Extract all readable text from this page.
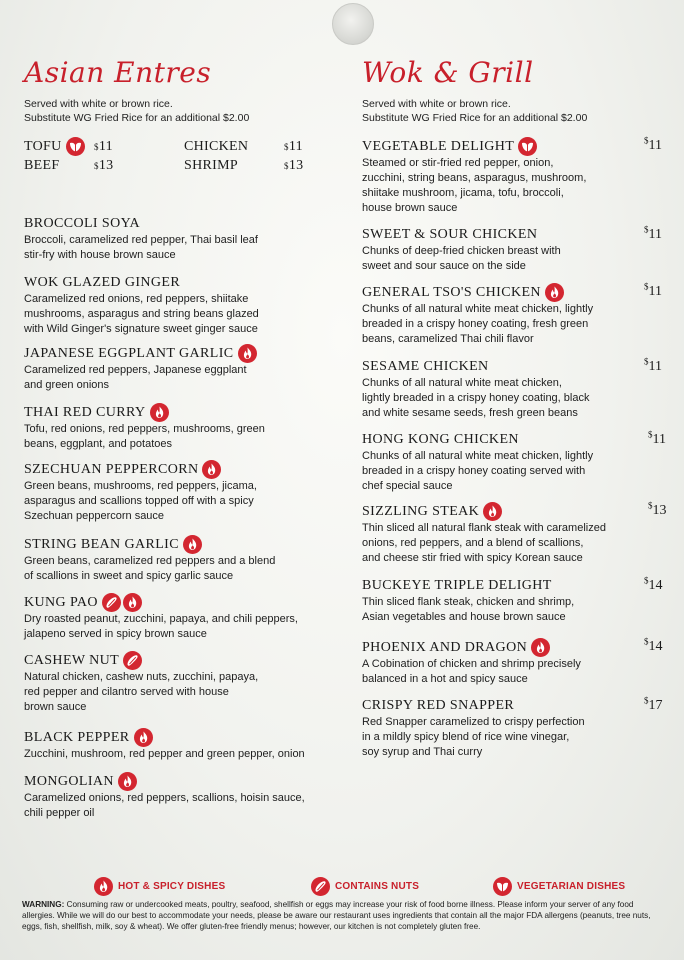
Asian Entres

Served with white or brown rice.

Substitute WG Fried Rice for an additional $2.00

TOFU	$ 11	CHICKEN	$ 11
BEEF	$ 13	SHRIMP	$ 13
BROCCOLI SOYA
Broccoli, caramelized red pepper, Thai basil leaf
stir-fry with house brown sauce
WOK GLAZED GINGER
Caramelized red onions, red peppers, shiitake
mushrooms, asparagus and string beans glazed
with Wild Ginger's signature sweet ginger sauce
JAPANESE EGGPLANT GARLIC
Caramelized red peppers, Japanese eggplant
and green onions
THAI RED CURRY
Tofu, red onions, red peppers, mushrooms, green
beans, eggplant, and potatoes
SZECHUAN PEPPERCORN
Green beans, mushrooms, red peppers, jicama,
asparagus and scallions topped off with a spicy
Szechuan peppercorn sauce
STRING BEAN GARLIC
Green beans, caramelized red peppers and a blend
of scallions in sweet and spicy garlic sauce
KUNG PAO
Dry roasted peanut, zucchini, papaya, and chili peppers,
jalapeno served in spicy brown sauce
CASHEW NUT
Natural chicken, cashew nuts, zucchini, papaya,
red pepper and cilantro served with house
brown sauce
BLACK PEPPER
Zucchini, mushroom, red pepper and green pepper, onion
MONGOLIAN
Caramelized onions, red peppers, scallions, hoisin sauce,
chili pepper oil
Wok & Grill

Served with white or brown rice.

Substitute WG Fried Rice for an additional $2.00

VEGETABLE DELIGHT
Steamed or stir-fried red pepper, onion,
zucchini, string beans, asparagus, mushroom,
shiitake mushroom, jicama, tofu, broccoli,
house brown sauce
$11
SWEET & SOUR CHICKEN
Chunks of deep-fried chicken breast with
sweet and sour sauce on the side
$11
GENERAL TSO'S CHICKEN
Chunks of all natural white meat chicken, lightly
breaded in a crispy honey coating, fresh green
beans, caramelized Thai chili flavor
$11
SESAME CHICKEN
Chunks of all natural white meat chicken,
lightly breaded in a crispy honey coating, black
and white sesame seeds, fresh green beans
$11
HONG KONG CHICKEN
Chunks of all natural white meat chicken, lightly
breaded in a crispy honey coating served with
chef special sauce
$11
SIZZLING STEAK
Thin sliced all natural flank steak with caramelized
onions, red peppers, and a blend of scallions,
and cheese stir fried with spicy Korean sauce
$13
BUCKEYE TRIPLE DELIGHT
Thin sliced flank steak, chicken and shrimp,
Asian vegetables and house brown sauce
$14
PHOENIX AND DRAGON
A Cobination of chicken and shrimp precisely
balanced in a hot and spicy sauce
$14
CRISPY RED SNAPPER
Red Snapper caramelized to crispy perfection
in a mildly spicy blend of rice wine vinegar,
soy syrup and Thai curry
$17
HOT & SPICY DISHES	CONTAINS NUTS	VEGETARIAN DISHES
WARNING: Consuming raw or undercooked meats, poultry, seafood, shellfish or eggs may increase your risk of food borne illness. Please inform your server of any food allergies. While we will do our best to accommodate your needs, please be aware our restaurant uses ingredients that contain all the major FDA allergens (peanuts, tree nuts, eggs, fish, shellfish, milk, soy & wheat). We offer gluten-free friendly menus; however, our kitchen is not completely gluten free.
